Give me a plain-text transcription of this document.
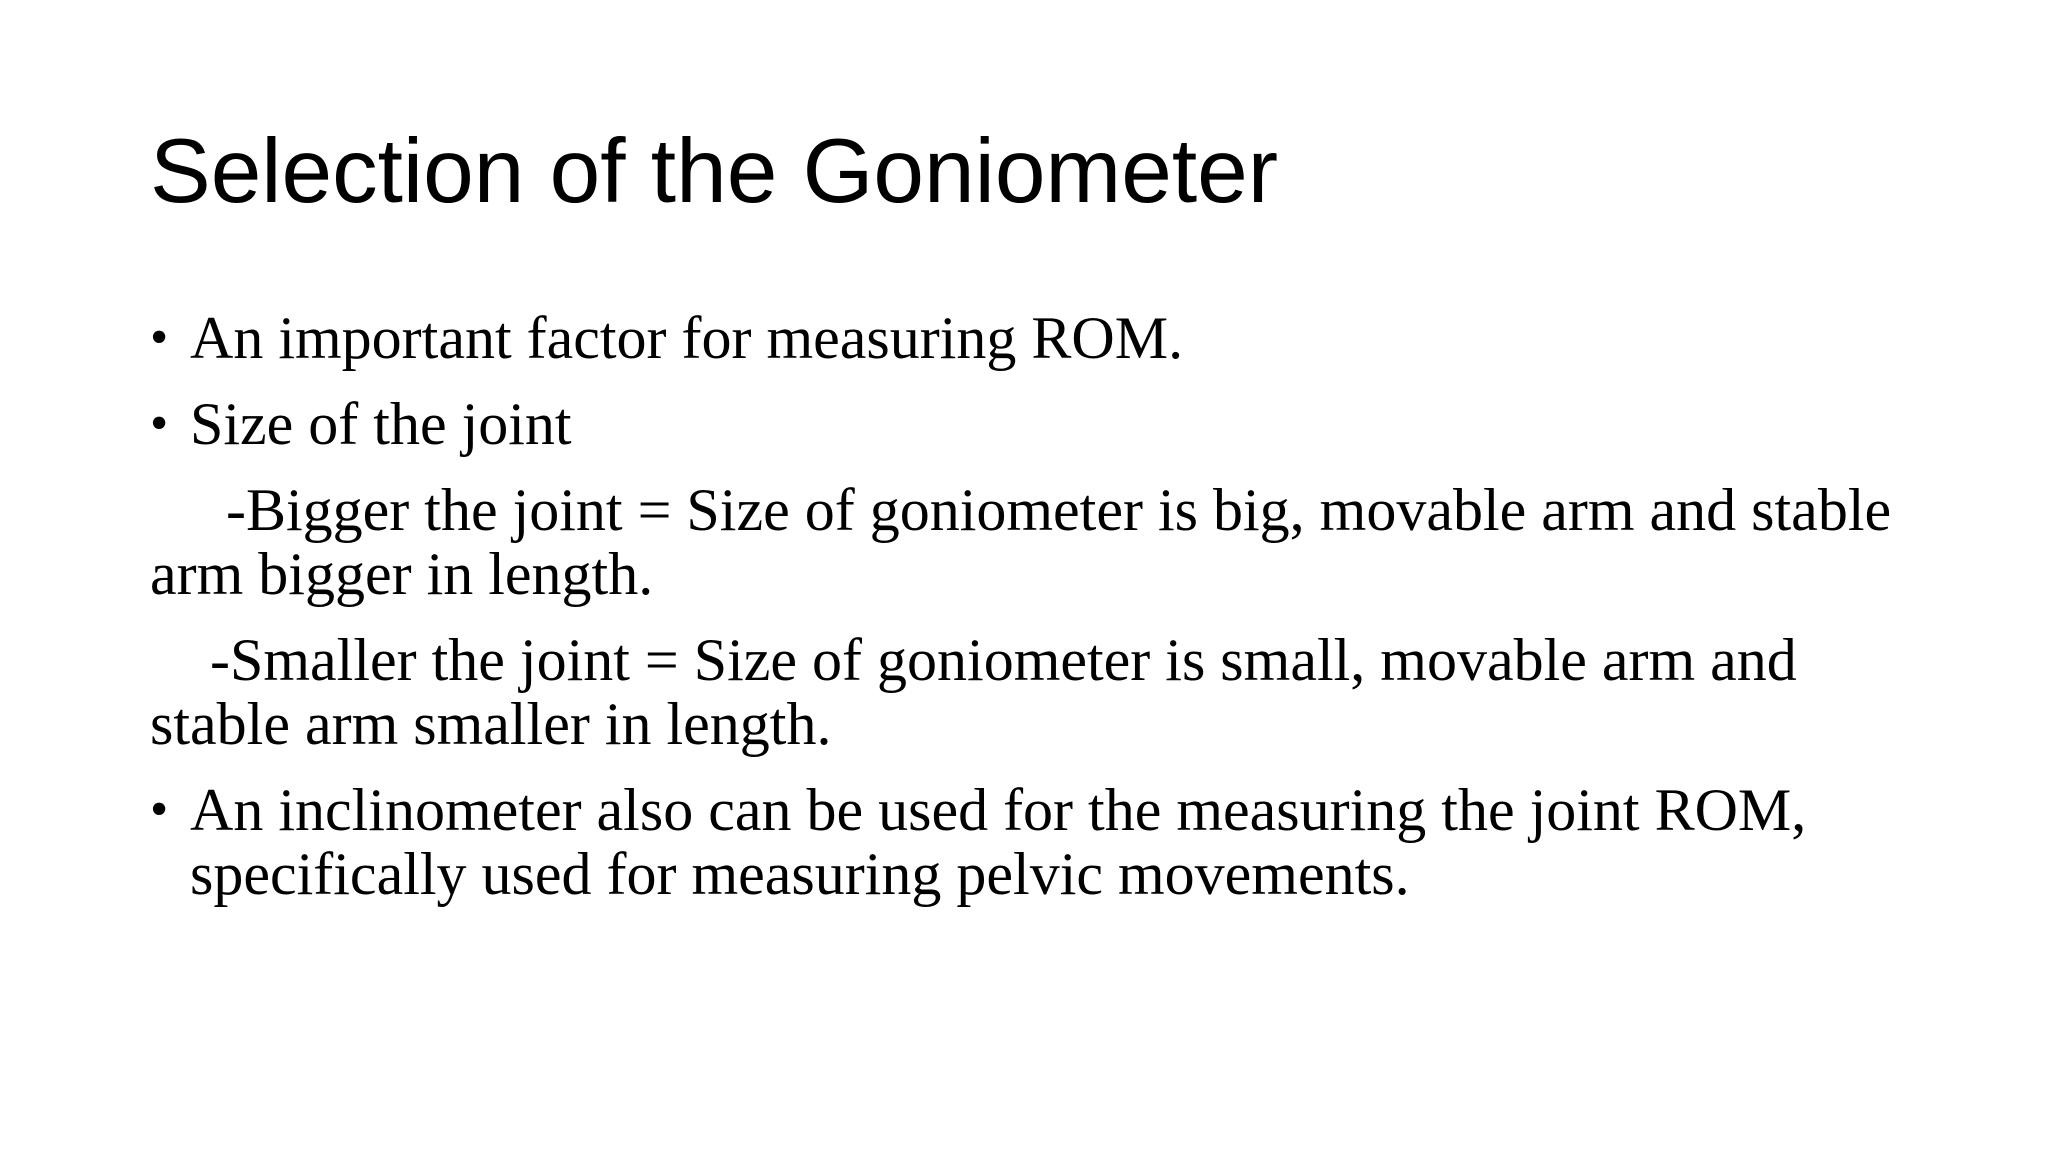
Selection of the Goniometer
• An important factor for measuring ROM.
• Size of the joint
-Bigger the joint = Size of goniometer is big, movable arm and stable arm bigger in length.
-Smaller the joint = Size of goniometer is small, movable arm and stable arm smaller in length.
• An inclinometer also can be used for the measuring the joint ROM, specifically used for measuring pelvic movements.
